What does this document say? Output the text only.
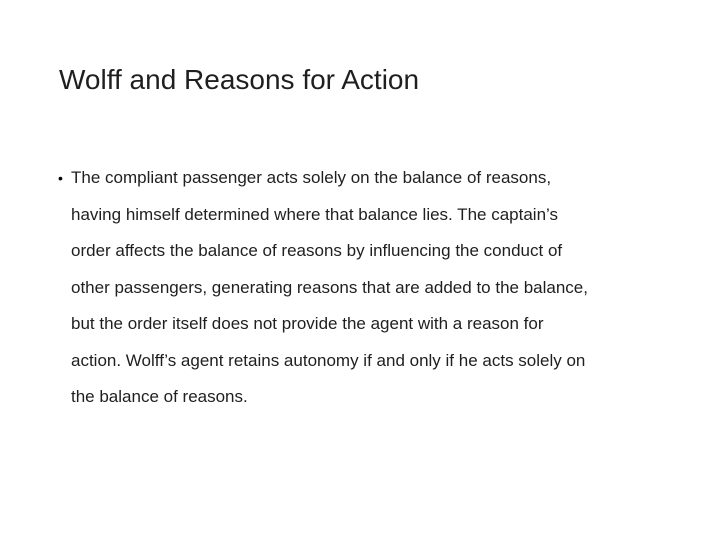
Wolff and Reasons for Action
• The compliant passenger acts solely on the balance of reasons,
having himself determined where that balance lies. The captain’s
order affects the balance of reasons by influencing the conduct of
other passengers, generating reasons that are added to the balance,
but the order itself does not provide the agent with a reason for
action. Wolff’s agent retains autonomy if and only if he acts solely on
the balance of reasons.
